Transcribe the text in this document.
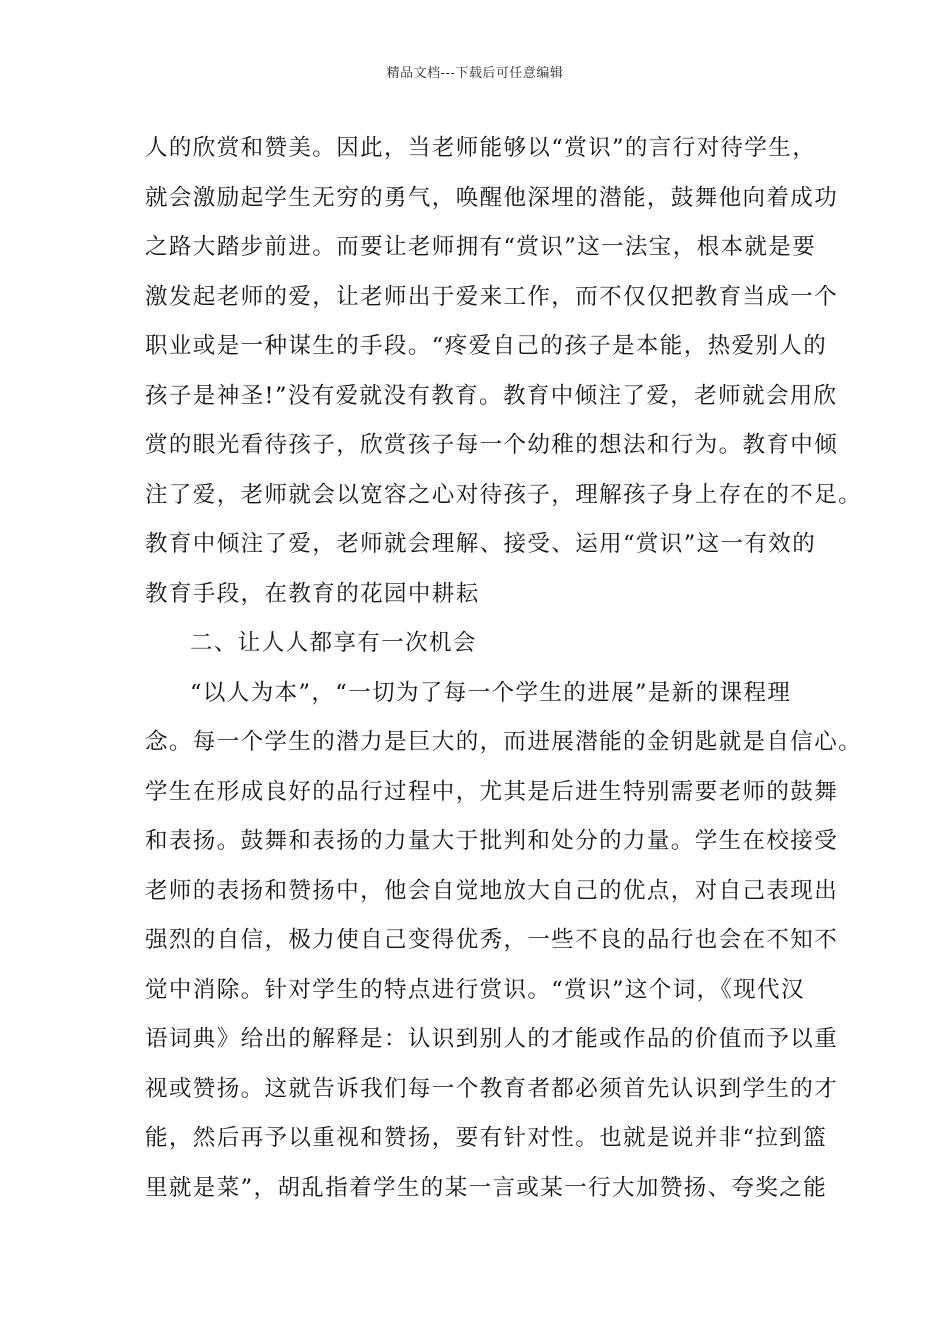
精品文档---下载后可任意编辑
人的欣赏和赞美。因此，当老师能够以“赏识”的言行对待学生，
就会激励起学生无穷的勇气，唤醒他深埋的潜能，鼓舞他向着成功
之路大踏步前进。而要让老师拥有“赏识”这一法宝，根本就是要
激发起老师的爱，让老师出于爱来工作，而不仅仅把教育当成一个
职业或是一种谋生的手段。“疼爱自己的孩子是本能，热爱别人的
孩子是神圣!”没有爱就没有教育。教育中倾注了爱，老师就会用欣
赏的眼光看待孩子，欣赏孩子每一个幼稚的想法和行为。教育中倾
注了爱，老师就会以宽容之心对待孩子，理解孩子身上存在的不足。
教育中倾注了爱，老师就会理解、接受、运用“赏识”这一有效的
教育手段，在教育的花园中耕耘
二、让人人都享有一次机会
“以人为本”，“一切为了每一个学生的进展”是新的课程理
念。每一个学生的潜力是巨大的，而进展潜能的金钥匙就是自信心。
学生在形成良好的品行过程中，尤其是后进生特别需要老师的鼓舞
和表扬。鼓舞和表扬的力量大于批判和处分的力量。学生在校接受
老师的表扬和赞扬中，他会自觉地放大自己的优点，对自己表现出
强烈的自信，极力使自己变得优秀，一些不良的品行也会在不知不
觉中消除。针对学生的特点进行赏识。“赏识”这个词，《现代汉
语词典》给出的解释是：认识到别人的才能或作品的价值而予以重
视或赞扬。这就告诉我们每一个教育者都必须首先认识到学生的才
能，然后再予以重视和赞扬，要有针对性。也就是说并非“拉到篮
里就是菜”，胡乱指着学生的某一言或某一行大加赞扬、夸奖之能
